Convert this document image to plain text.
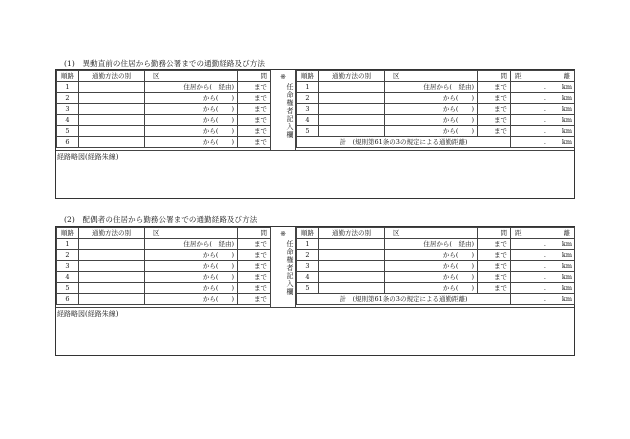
(1)　異動直前の住居から勤務公署までの通勤経路及び方法
順路	通勤方法の別	区	間
1		住居から(　経由)	まで
2		から(　　)	まで
3		から(　　)	まで
4		から(　　)	まで
5		から(　　)	まで
6		から(　　)	まで
※
任命権者記入欄
順路	通勤方法の別	区	間	距 離

1		住居から(　経由)	まで	. km
2		から(　　)	まで	. km
3		から(　　)	まで	. km
4		から(　　)	まで	. km
5		から(　　)	まで	. km
計　(規則第61条の3の規定による通勤距離)				. km
経路略図(経路朱線)
(2)　配偶者の住居から勤務公署までの通勤経路及び方法
順路	通勤方法の別	区	間
1		住居から(　経由)	まで
2		から(　　)	まで
3		から(　　)	まで
4		から(　　)	まで
5		から(　　)	まで
6		から(　　)	まで
※
任命権者記入欄
順路	通勤方法の別	区	間	距 離

1		住居から(　経由)	まで	. km
2		から(　　)	まで	. km
3		から(　　)	まで	. km
4		から(　　)	まで	. km
5		から(　　)	まで	. km
計　(規則第61条の3の規定による通勤距離)				. km
経路略図(経路朱線)
